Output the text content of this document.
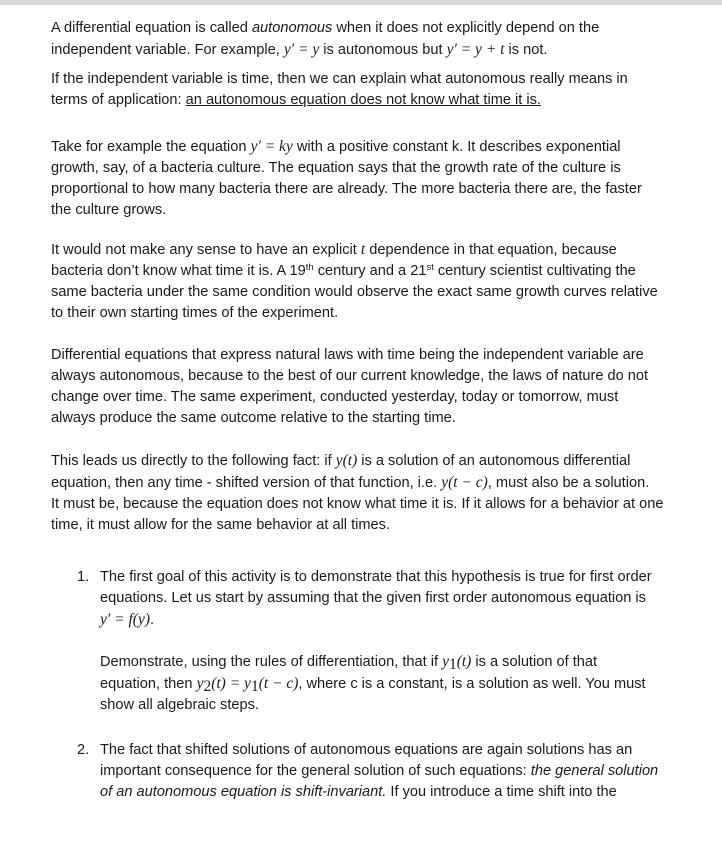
A differential equation is called autonomous when it does not explicitly depend on the
independent variable. For example, y′ = y is autonomous but y′ = y + t is not.

If the independent variable is time, then we can explain what autonomous really means in
terms of application: an autonomous equation does not know what time it is.

Take for example the equation y′ = ky with a positive constant k. It describes exponential
growth, say, of a bacteria culture. The equation says that the growth rate of the culture is
proportional to how many bacteria there are already. The more bacteria there are, the faster
the culture grows.

It would not make any sense to have an explicit t dependence in that equation, because
bacteria don’t know what time it is. A 19th century and a 21st century scientist cultivating the
same bacteria under the same condition would observe the exact same growth curves relative
to their own starting times of the experiment.

Differential equations that express natural laws with time being the independent variable are
always autonomous, because to the best of our current knowledge, the laws of nature do not
change over time. The same experiment, conducted yesterday, today or tomorrow, must
always produce the same outcome relative to the starting time.

This leads us directly to the following fact: if y(t) is a solution of an autonomous differential
equation, then any time - shifted version of that function, i.e. y(t − c), must also be a solution.
It must be, because the equation does not know what time it is. If it allows for a behavior at one
time, it must allow for the same behavior at all times.

1. The first goal of this activity is to demonstrate that this hypothesis is true for first order
equations. Let us start by assuming that the given first order autonomous equation is
y′ = f(y).

Demonstrate, using the rules of differentiation, that if $y_1(t)$ is a solution of that
equation, then $y_2(t) = y_1(t - c)$, where c is a constant, is a solution as well. You must
show all algebraic steps.

2. The fact that shifted solutions of autonomous equations are again solutions has an
important consequence for the general solution of such equations: the general solution
of an autonomous equation is shift-invariant. If you introduce a time shift into the
